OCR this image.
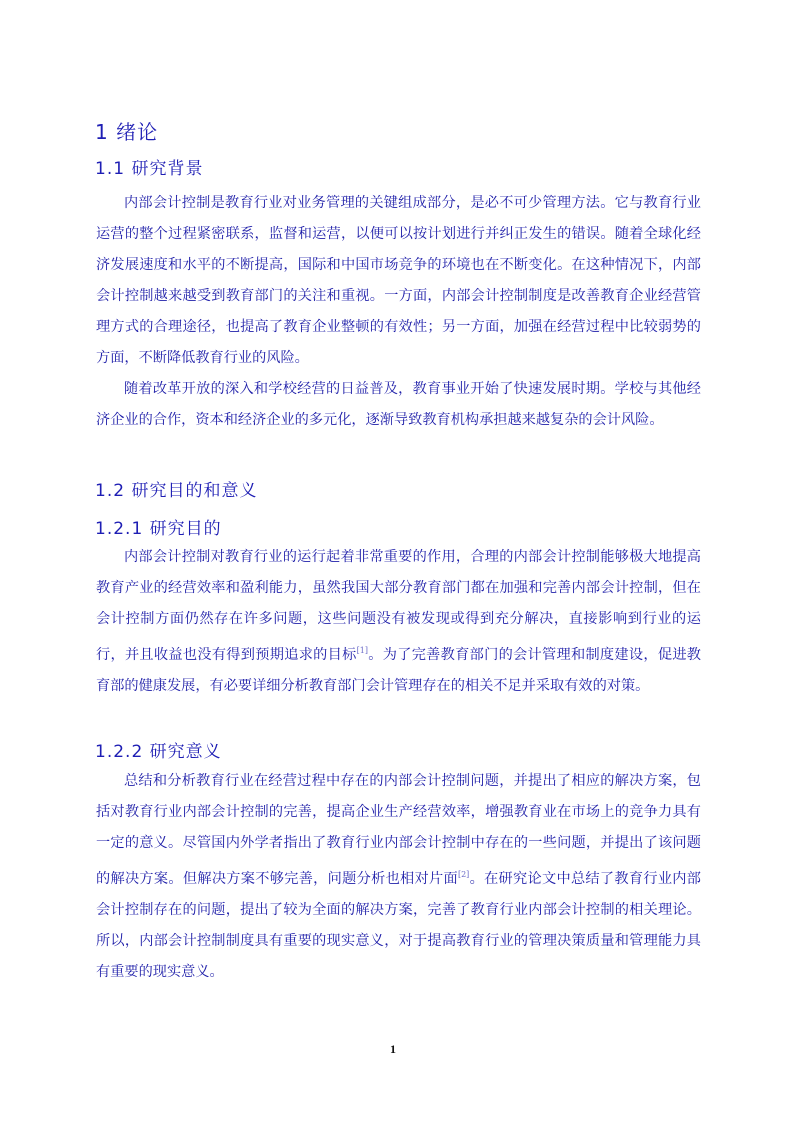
1 绪论
1.1 研究背景
内部会计控制是教育行业对业务管理的关键组成部分，是必不可少管理方法。它与教育行业运营的整个过程紧密联系，监督和运营，以便可以按计划进行并纠正发生的错误。随着全球化经济发展速度和水平的不断提高，国际和中国市场竞争的环境也在不断变化。在这种情况下，内部会计控制越来越受到教育部门的关注和重视。一方面，内部会计控制制度是改善教育企业经营管理方式的合理途径，也提高了教育企业整顿的有效性；另一方面，加强在经营过程中比较弱势的方面，不断降低教育行业的风险。
随着改革开放的深入和学校经营的日益普及，教育事业开始了快速发展时期。学校与其他经济企业的合作，资本和经济企业的多元化，逐渐导致教育机构承担越来越复杂的会计风险。
1.2 研究目的和意义
1.2.1 研究目的
内部会计控制对教育行业的运行起着非常重要的作用，合理的内部会计控制能够极大地提高教育产业的经营效率和盈利能力，虽然我国大部分教育部门都在加强和完善内部会计控制，但在会计控制方面仍然存在许多问题，这些问题没有被发现或得到充分解决，直接影响到行业的运行，并且收益也没有得到预期追求的目标[1]。为了完善教育部门的会计管理和制度建设，促进教育部的健康发展，有必要详细分析教育部门会计管理存在的相关不足并采取有效的对策。
1.2.2 研究意义
总结和分析教育行业在经营过程中存在的内部会计控制问题，并提出了相应的解决方案，包括对教育行业内部会计控制的完善，提高企业生产经营效率，增强教育业在市场上的竞争力具有一定的意义。尽管国内外学者指出了教育行业内部会计控制中存在的一些问题，并提出了该问题的解决方案。但解决方案不够完善，问题分析也相对片面[2]。在研究论文中总结了教育行业内部会计控制存在的问题，提出了较为全面的解决方案，完善了教育行业内部会计控制的相关理论。所以，内部会计控制制度具有重要的现实意义，对于提高教育行业的管理决策质量和管理能力具有重要的现实意义。
1
